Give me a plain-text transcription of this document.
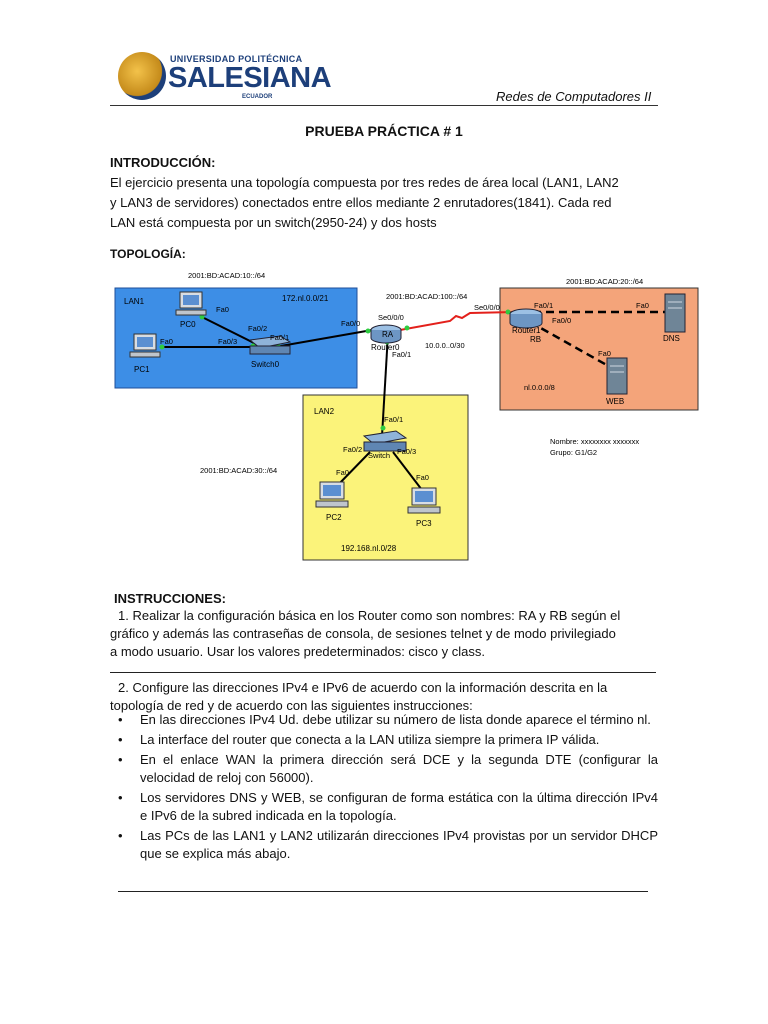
UNIVERSIDAD POLITÉCNICA
SALESIANA
ECUADOR	Redes de Computadores II
PRUEBA PRÁCTICA # 1
INTRODUCCIÓN:
El ejercicio presenta una topología compuesta por tres redes de área local (LAN1, LAN2
y LAN3 de servidores) conectados entre ellos mediante 2 enrutadores(1841). Cada red
LAN está compuesta por un switch(2950-24) y dos hosts
TOPOLOGÍA:
2001:BD:ACAD:10::/64
2001:BD:ACAD:100::/64
2001:BD:ACAD:20::/64
2001:BD:ACAD:30::/64
LAN1	172.nl.0.0/21
PC0
PC1
Switch0
Fa0
Fa0
Fa0/2
Fa0/3	Fa0/1
Fa0/0
Se0/0/0
RA
Router0
Fa0/1
10.0.0..0/30
Se0/0/0	Fa0/1	Fa0
Fa0/0
Router1
RB
Fa0
DNS
nl.0.0.0/8
WEB
LAN2
Fa0/1
Fa0/2	Fa0/3
Switch
Fa0
Fa0
PC2
PC3
192.168.nl.0/28
Nombre: xxxxxxxx xxxxxxx
Grupo: G1/G2
INSTRUCCIONES:
1. Realizar la configuración básica en los Router como son nombres: RA y RB según el
gráfico y además las contraseñas de consola, de sesiones telnet y de modo privilegiado
a modo usuario. Usar los valores predeterminados: cisco y class.
2. Configure las direcciones IPv4 e IPv6 de acuerdo con la información descrita en la
topología de red y de acuerdo con las siguientes instrucciones:
• En las direcciones IPv4 Ud. debe utilizar su número de lista donde aparece el término nl.
• La interface del router que conecta a la LAN utiliza siempre la primera IP válida.
• En el enlace WAN la primera dirección será DCE y la segunda DTE (configurar la velocidad de reloj con 56000).
• Los servidores DNS y WEB, se configuran de forma estática con la última dirección IPv4 e IPv6 de la subred indicada en la topología.
• Las PCs de las LAN1 y LAN2 utilizarán direcciones IPv4 provistas por un servidor DHCP que se explica más abajo.
